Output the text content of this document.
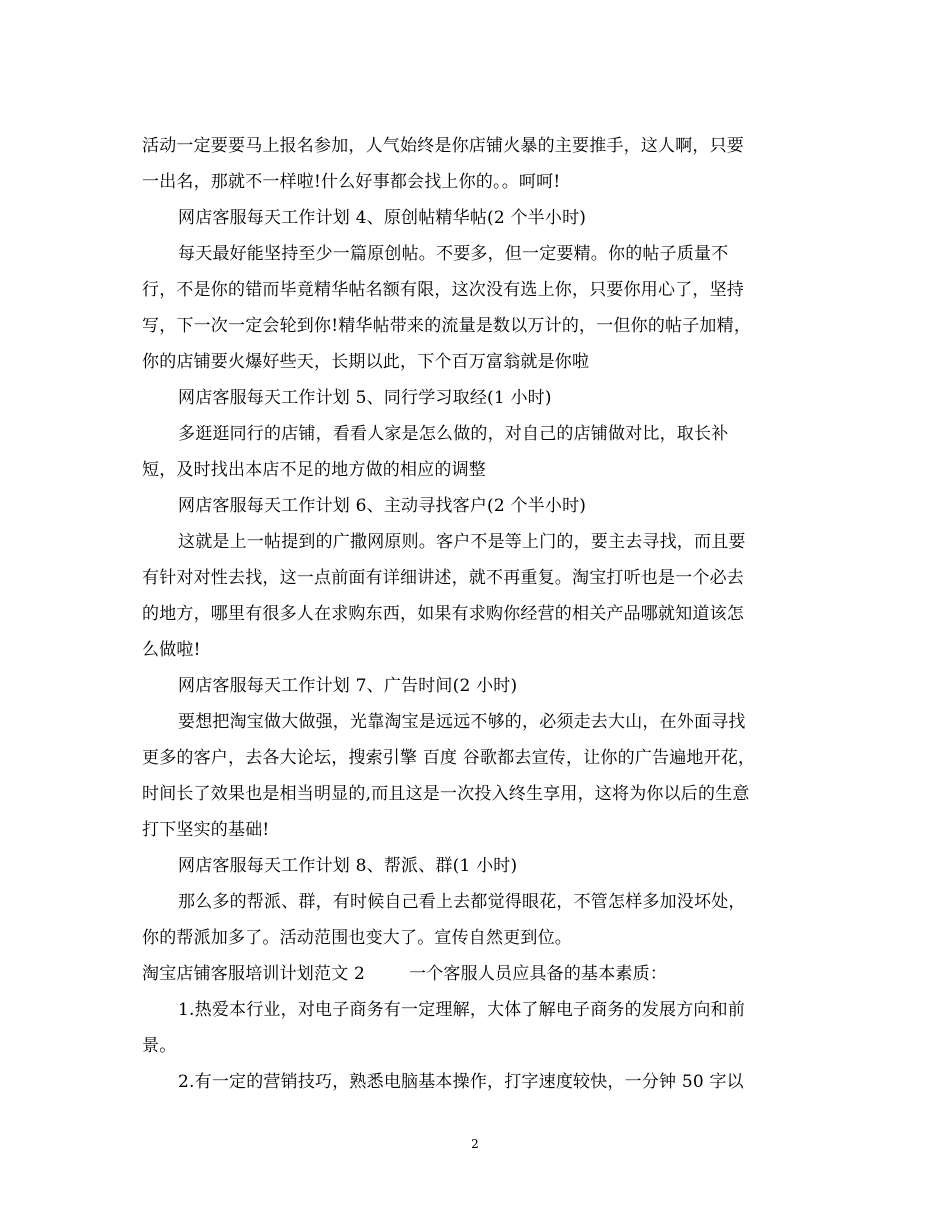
活动一定要要马上报名参加，人气始终是你店铺火暴的主要推手，这人啊，只要
一出名，那就不一样啦!什么好事都会找上你的。。呵呵!
网店客服每天工作计划 4、原创帖精华帖(2 个半小时)
每天最好能坚持至少一篇原创帖。不要多，但一定要精。你的帖子质量不
行，不是你的错而毕竟精华帖名额有限，这次没有选上你，只要你用心了，坚持
写，下一次一定会轮到你!精华帖带来的流量是数以万计的，一但你的帖子加精，
你的店铺要火爆好些天，长期以此，下个百万富翁就是你啦
网店客服每天工作计划 5、同行学习取经(1 小时)
多逛逛同行的店铺，看看人家是怎么做的，对自己的店铺做对比，取长补
短，及时找出本店不足的地方做的相应的调整
网店客服每天工作计划 6、主动寻找客户(2 个半小时)
这就是上一帖提到的广撒网原则。客户不是等上门的，要主去寻找，而且要
有针对对性去找，这一点前面有详细讲述，就不再重复。淘宝打听也是一个必去
的地方，哪里有很多人在求购东西，如果有求购你经营的相关产品哪就知道该怎
么做啦!
网店客服每天工作计划 7、广告时间(2 小时)
要想把淘宝做大做强，光靠淘宝是远远不够的，必须走去大山，在外面寻找
更多的客户，去各大论坛，搜索引擎 百度 谷歌都去宣传，让你的广告遍地开花，
时间长了效果也是相当明显的,而且这是一次投入终生享用，这将为你以后的生意
打下坚实的基础!
网店客服每天工作计划 8、帮派、群(1 小时)
那么多的帮派、群，有时候自己看上去都觉得眼花，不管怎样多加没坏处，
你的帮派加多了。活动范围也变大了。宣传自然更到位。
淘宝店铺客服培训计划范文 2	一个客服人员应具备的基本素质：
1.热爱本行业，对电子商务有一定理解，大体了解电子商务的发展方向和前
景。
2.有一定的营销技巧，熟悉电脑基本操作，打字速度较快，一分钟 50 字以
2
